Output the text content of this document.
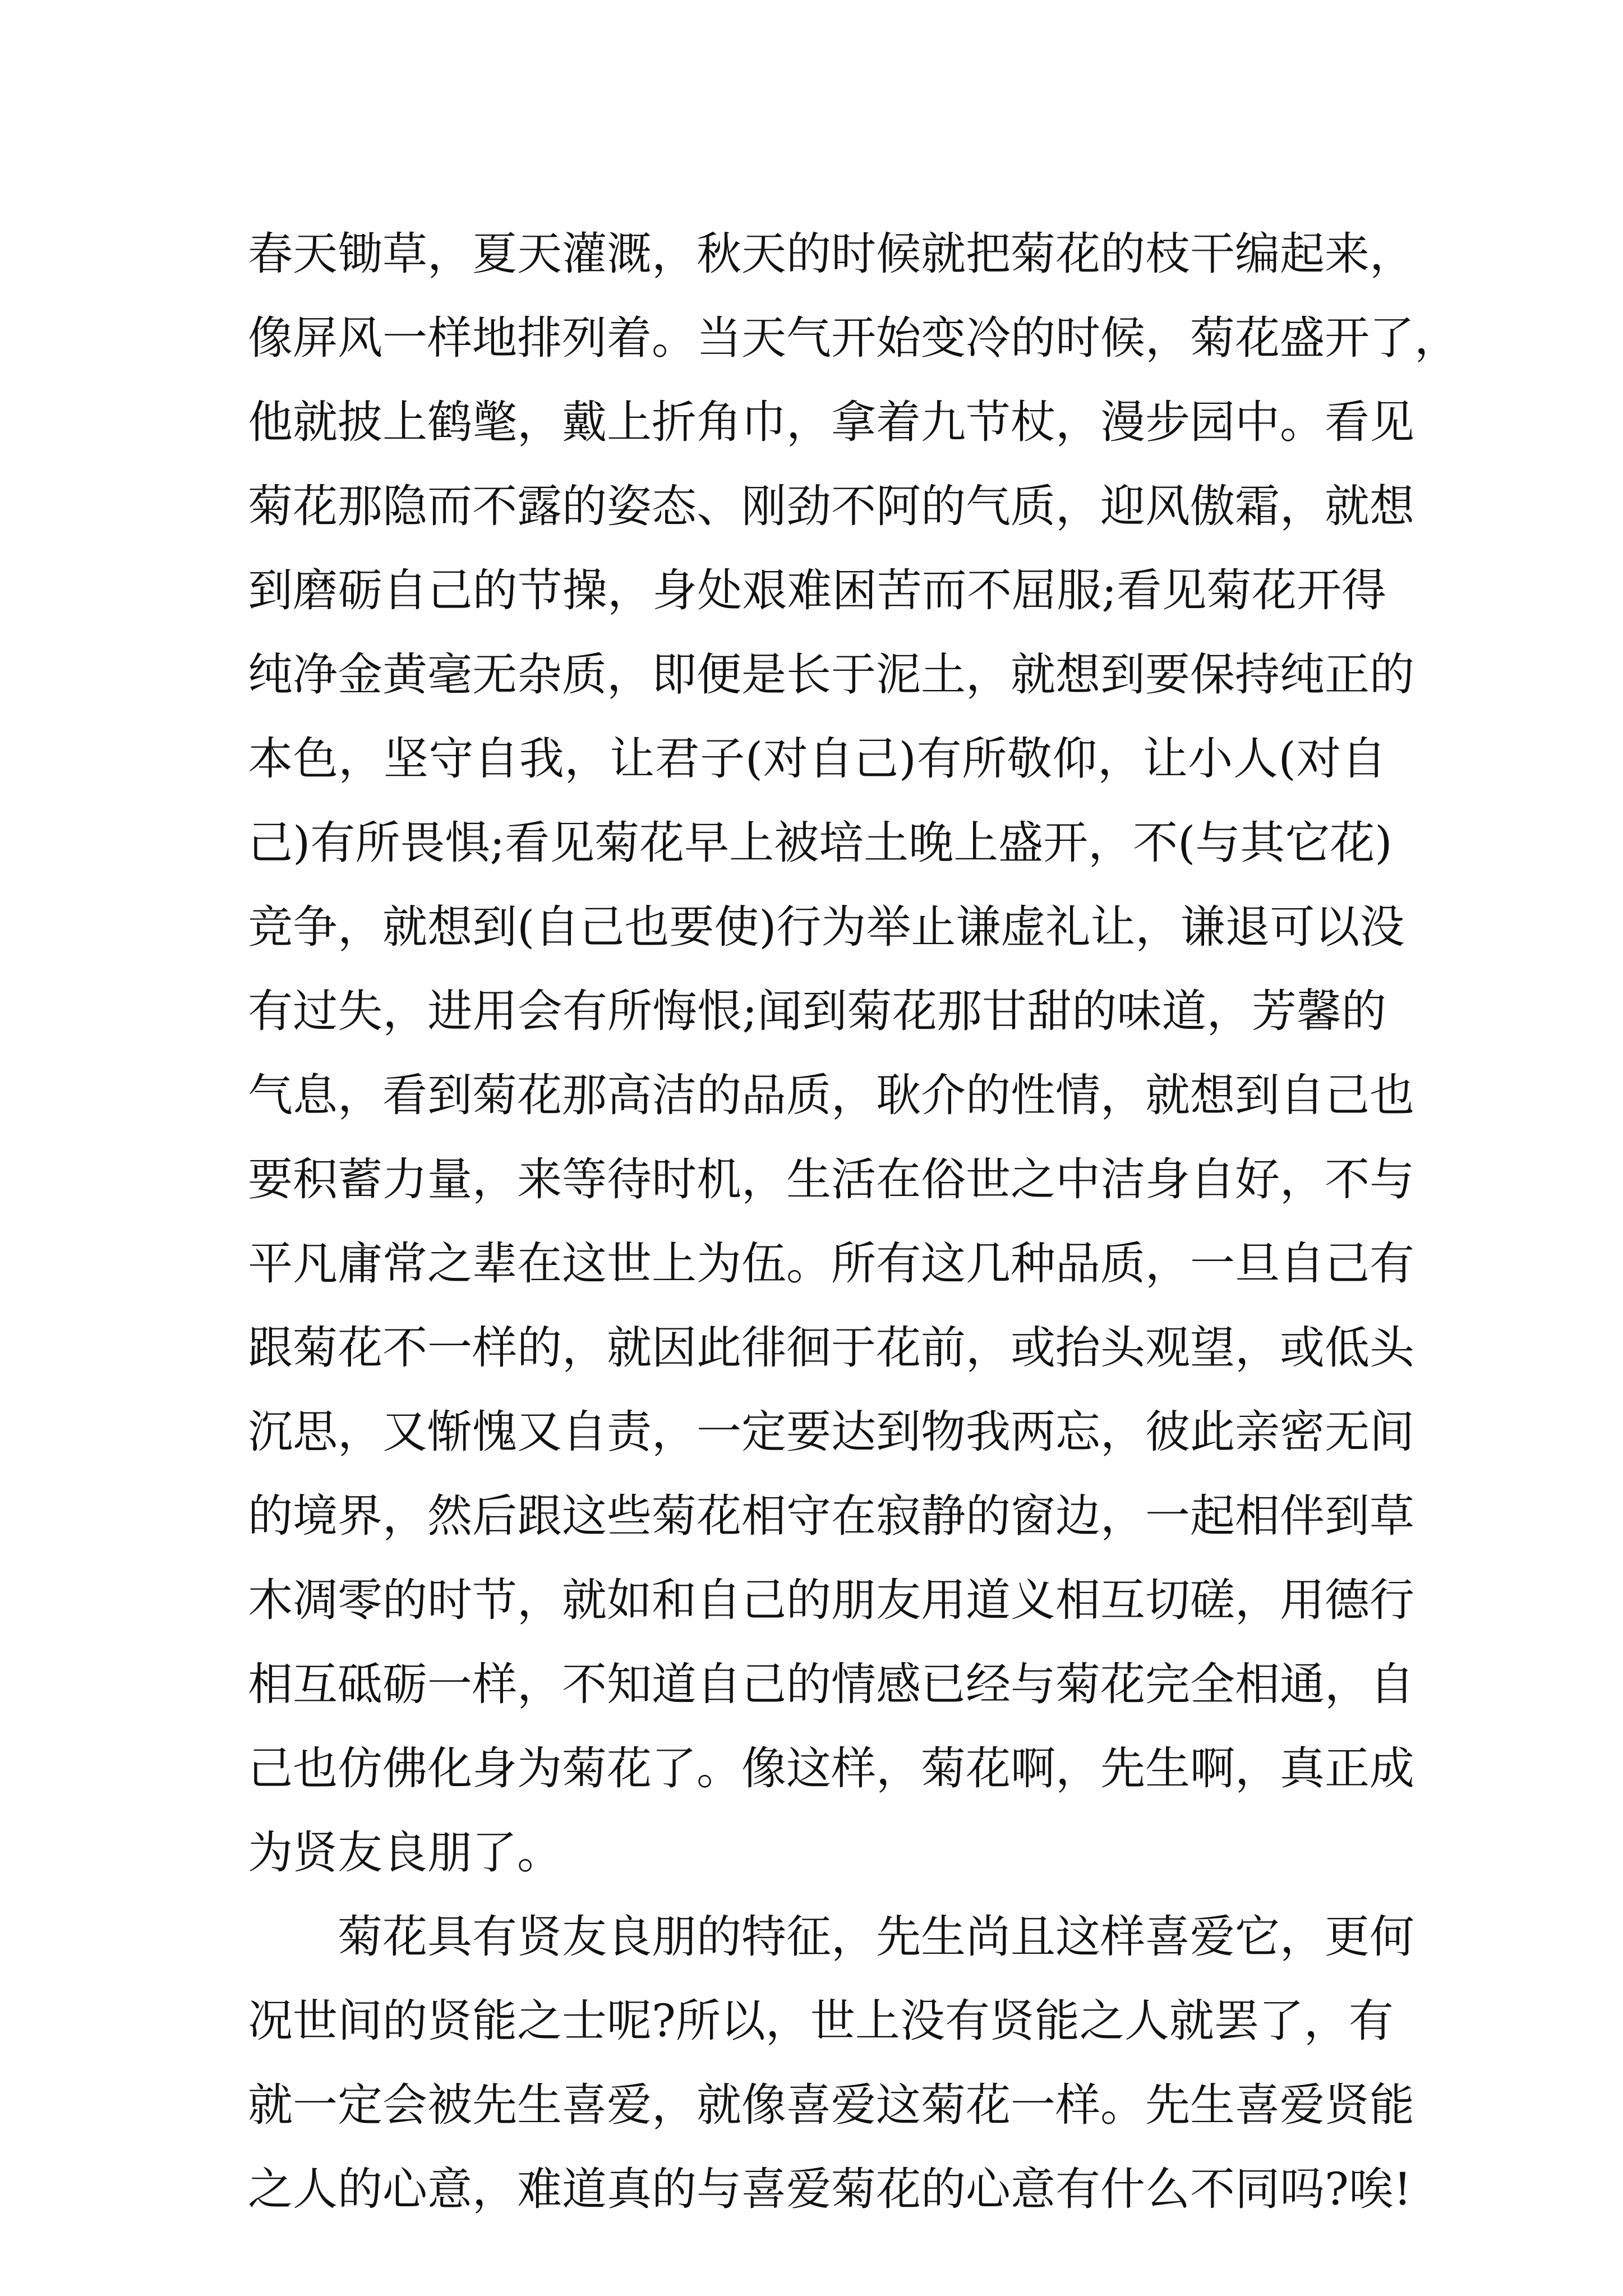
春天锄草，夏天灌溉，秋天的时候就把菊花的枝干编起来，
像屏风一样地排列着。当天气开始变冷的时候，菊花盛开了，
他就披上鹤氅，戴上折角巾，拿着九节杖，漫步园中。看见
菊花那隐而不露的姿态、刚劲不阿的气质，迎风傲霜，就想
到磨砺自己的节操，身处艰难困苦而不屈服;看见菊花开得
纯净金黄毫无杂质，即便是长于泥土，就想到要保持纯正的
本色，坚守自我，让君子(对自己)有所敬仰，让小人(对自
己)有所畏惧;看见菊花早上被培土晚上盛开，不(与其它花)
竞争，就想到(自己也要使)行为举止谦虚礼让，谦退可以没
有过失，进用会有所悔恨;闻到菊花那甘甜的味道，芳馨的
气息，看到菊花那高洁的品质，耿介的性情，就想到自己也
要积蓄力量，来等待时机，生活在俗世之中洁身自好，不与
平凡庸常之辈在这世上为伍。所有这几种品质，一旦自己有
跟菊花不一样的，就因此徘徊于花前，或抬头观望，或低头
沉思，又惭愧又自责，一定要达到物我两忘，彼此亲密无间
的境界，然后跟这些菊花相守在寂静的窗边，一起相伴到草
木凋零的时节，就如和自己的朋友用道义相互切磋，用德行
相互砥砺一样，不知道自己的情感已经与菊花完全相通，自
己也仿佛化身为菊花了。像这样，菊花啊，先生啊，真正成
为贤友良朋了。
菊花具有贤友良朋的特征，先生尚且这样喜爱它，更何
况世间的贤能之士呢?所以，世上没有贤能之人就罢了，有
就一定会被先生喜爱，就像喜爱这菊花一样。先生喜爱贤能
之人的心意，难道真的与喜爱菊花的心意有什么不同吗?唉!
